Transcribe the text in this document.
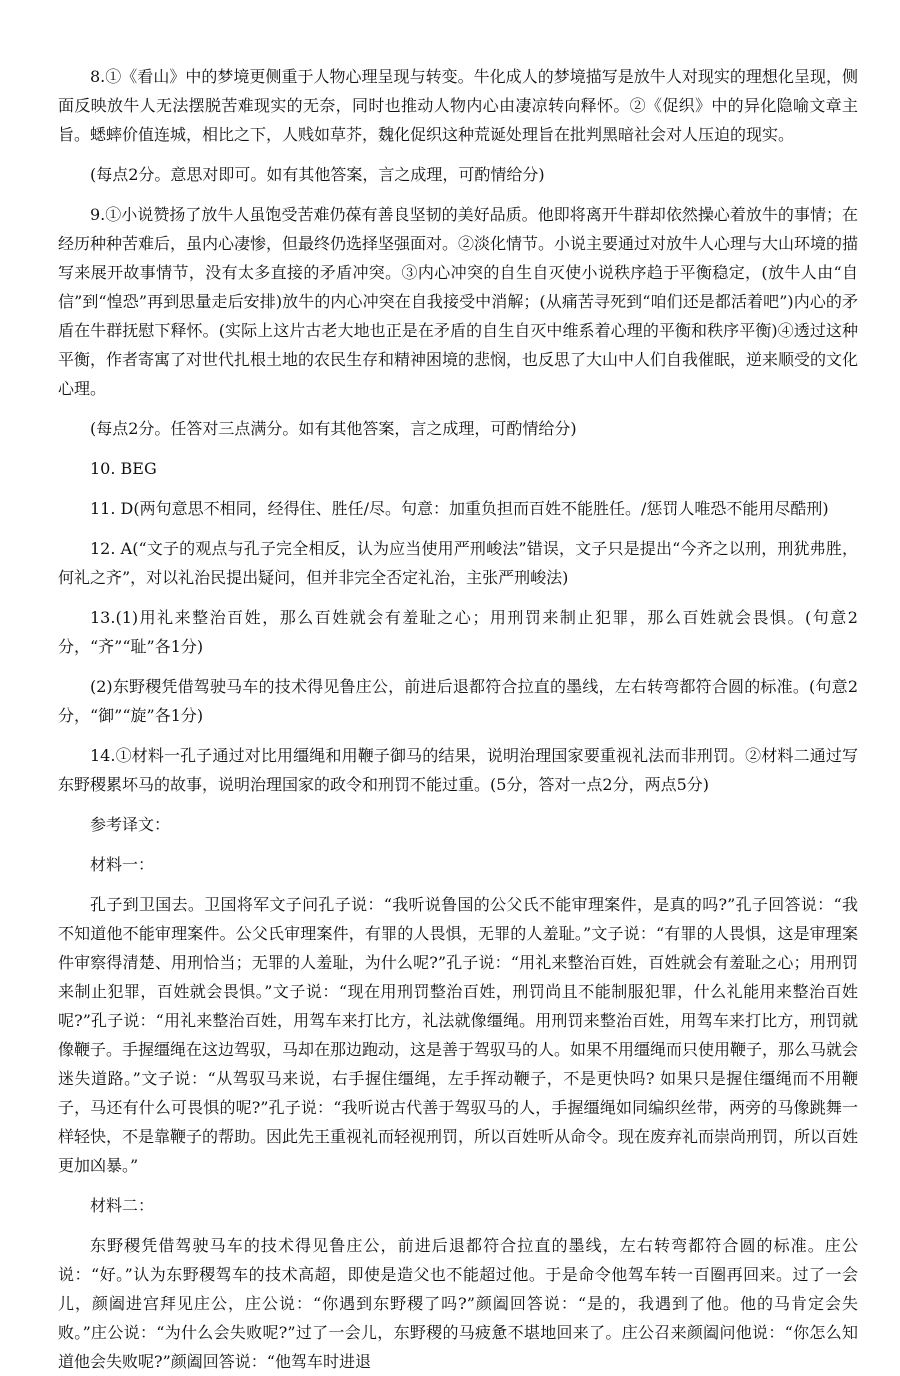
8.①《看山》中的梦境更侧重于人物心理呈现与转变。牛化成人的梦境描写是放牛人对现实的理想化呈现，侧面反映放牛人无法摆脱苦难现实的无奈，同时也推动人物内心由凄凉转向释怀。②《促织》中的异化隐喻文章主旨。蟋蟀价值连城，相比之下，人贱如草芥，魏化促织这种荒诞处理旨在批判黑暗社会对人压迫的现实。

(每点2分。意思对即可。如有其他答案，言之成理，可酌情给分)

9.①小说赞扬了放牛人虽饱受苦难仍葆有善良坚韧的美好品质。他即将离开牛群却依然操心着放牛的事情；在经历种种苦难后，虽内心凄惨，但最终仍选择坚强面对。②淡化情节。小说主要通过对放牛人心理与大山环境的描写来展开故事情节，没有太多直接的矛盾冲突。③内心冲突的自生自灭使小说秩序趋于平衡稳定，(放牛人由“自信”到“惶恐”再到思量走后安排)放牛的内心冲突在自我接受中消解；(从痛苦寻死到“咱们还是都活着吧”)内心的矛盾在牛群抚慰下释怀。(实际上这片古老大地也正是在矛盾的自生自灭中维系着心理的平衡和秩序平衡)④透过这种平衡，作者寄寓了对世代扎根土地的农民生存和精神困境的悲悯，也反思了大山中人们自我催眠，逆来顺受的文化心理。

(每点2分。任答对三点满分。如有其他答案，言之成理，可酌情给分)

10. BEG

11. D(两句意思不相同，经得住、胜任/尽。句意：加重负担而百姓不能胜任。/惩罚人唯恐不能用尽酷刑)

12. A(“文子的观点与孔子完全相反，认为应当使用严刑峻法”错误，文子只是提出“今齐之以刑，刑犹弗胜，何礼之齐”，对以礼治民提出疑问，但并非完全否定礼治，主张严刑峻法)

13.(1)用礼来整治百姓，那么百姓就会有羞耻之心；用刑罚来制止犯罪，那么百姓就会畏惧。(句意2分，“齐”“耻”各1分)

(2)东野稷凭借驾驶马车的技术得见鲁庄公，前进后退都符合拉直的墨线，左右转弯都符合圆的标准。(句意2分，“御”“旋”各1分)

14.①材料一孔子通过对比用缰绳和用鞭子御马的结果，说明治理国家要重视礼法而非刑罚。②材料二通过写东野稷累坏马的故事，说明治理国家的政令和刑罚不能过重。(5分，答对一点2分，两点5分)

参考译文：

材料一：

孔子到卫国去。卫国将军文子问孔子说：“我听说鲁国的公父氏不能审理案件，是真的吗?”孔子回答说：“我不知道他不能审理案件。公父氏审理案件，有罪的人畏惧，无罪的人羞耻。”文子说：“有罪的人畏惧，这是审理案件审察得清楚、用刑恰当；无罪的人羞耻，为什么呢?”孔子说：“用礼来整治百姓，百姓就会有羞耻之心；用刑罚来制止犯罪，百姓就会畏惧。”文子说：“现在用刑罚整治百姓，刑罚尚且不能制服犯罪，什么礼能用来整治百姓呢?”孔子说：“用礼来整治百姓，用驾车来打比方，礼法就像缰绳。用刑罚来整治百姓，用驾车来打比方，刑罚就像鞭子。手握缰绳在这边驾驭，马却在那边跑动，这是善于驾驭马的人。如果不用缰绳而只使用鞭子，那么马就会迷失道路。”文子说：“从驾驭马来说，右手握住缰绳，左手挥动鞭子，不是更快吗? 如果只是握住缰绳而不用鞭子，马还有什么可畏惧的呢?”孔子说：“我听说古代善于驾驭马的人，手握缰绳如同编织丝带，两旁的马像跳舞一样轻快，不是靠鞭子的帮助。因此先王重视礼而轻视刑罚，所以百姓听从命令。现在废弃礼而崇尚刑罚，所以百姓更加凶暴。”

材料二：

东野稷凭借驾驶马车的技术得见鲁庄公，前进后退都符合拉直的墨线，左右转弯都符合圆的标准。庄公说：“好。”认为东野稷驾车的技术高超，即使是造父也不能超过他。于是命令他驾车转一百圈再回来。过了一会儿，颜阖进宫拜见庄公，庄公说：“你遇到东野稷了吗?”颜阖回答说：“是的，我遇到了他。他的马肯定会失败。”庄公说：“为什么会失败呢?”过了一会儿，东野稷的马疲惫不堪地回来了。庄公召来颜阖问他说：“你怎么知道他会失败呢?”颜阖回答说：“他驾车时进退
